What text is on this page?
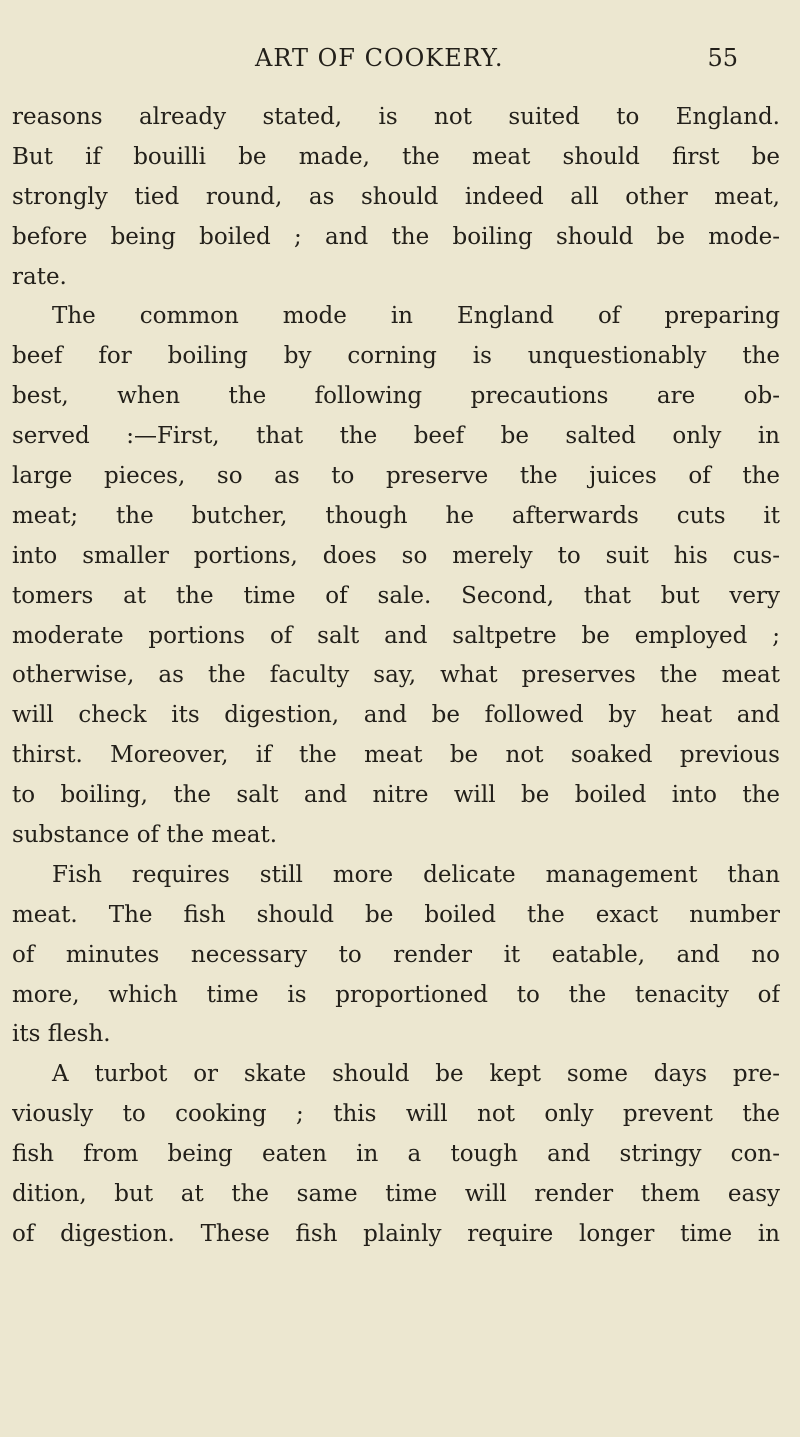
ART OF COOKERY.	55
reasons already stated, is not suited to England.
But if bouilli be made, the meat should first be
strongly tied round, as should indeed all other meat,
before being boiled ; and the boiling should be mode-
rate.
The common mode in England of preparing
beef for boiling by corning is unquestionably the
best, when the following precautions are ob-
served :—First, that the beef be salted only in
large pieces, so as to preserve the juices of the
meat; the butcher, though he afterwards cuts it
into smaller portions, does so merely to suit his cus-
tomers at the time of sale. Second, that but very
moderate portions of salt and saltpetre be employed ;
otherwise, as the faculty say, what preserves the meat
will check its digestion, and be followed by heat and
thirst. Moreover, if the meat be not soaked previous
to boiling, the salt and nitre will be boiled into the
substance of the meat.
Fish requires still more delicate management than
meat. The fish should be boiled the exact number
of minutes necessary to render it eatable, and no
more, which time is proportioned to the tenacity of
its flesh.
A turbot or skate should be kept some days pre-
viously to cooking ; this will not only prevent the
fish from being eaten in a tough and stringy con-
dition, but at the same time will render them easy
of digestion. These fish plainly require longer time in
